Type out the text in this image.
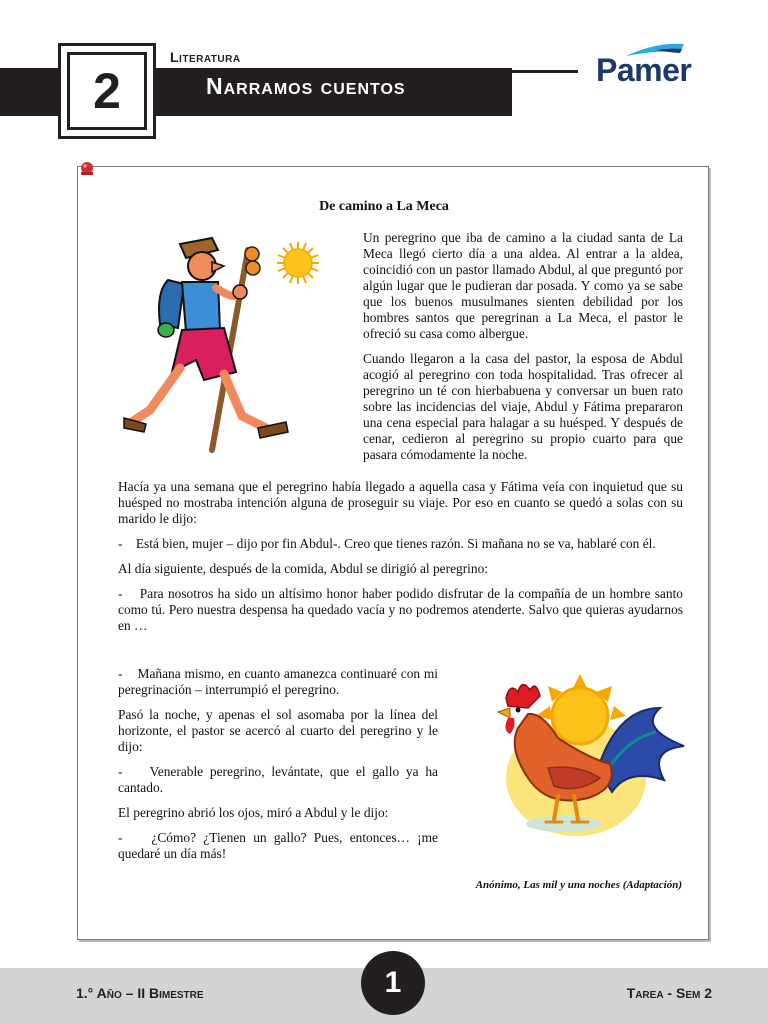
2
Literatura
Narramos cuentos	Pamer
De camino a La Meca

Un peregrino que iba de camino a la ciudad santa de La Meca llegó cierto día a una aldea. Al entrar a la aldea, coincidió con un pastor llamado Abdul, al que preguntó por algún lugar que le pudieran dar posada. Y como ya se sabe que los buenos musulmanes sienten debilidad por los hombres santos que peregrinan a La Meca, el pastor le ofreció su casa como albergue.

Cuando llegaron a la casa del pastor, la esposa de Abdul acogió al peregrino con toda hospitalidad. Tras ofrecer al peregrino un té con hierbabuena y conversar un buen rato sobre las incidencias del viaje, Abdul y Fátima prepararon una cena especial para halagar a su huésped. Y después de cenar, cedieron al peregrino su propio cuarto para que pasara cómodamente la noche.

Hacía ya una semana que el peregrino había llegado a aquella casa y Fátima veía con inquietud que su huésped no mostraba intención alguna de proseguir su viaje. Por eso en cuanto se quedó a solas con su marido le dijo:

-    Está bien, mujer – dijo por fin Abdul-. Creo que tienes razón. Si mañana no se va, hablaré con él.

Al día siguiente, después de la comida, Abdul se dirigió al peregrino:

-    Para nosotros ha sido un altísimo honor haber podido disfrutar de la compañía de un hombre santo como tú. Pero nuestra despensa ha quedado vacía y no podremos atenderte. Salvo que quieras ayudarnos en …

-    Mañana mismo, en cuanto amanezca continuaré con mi peregrinación – interrumpió el peregrino.

Pasó la noche, y apenas el sol asomaba por la línea del horizonte, el pastor se acercó al cuarto del peregrino y le dijo:

-    Venerable peregrino, levántate, que el gallo ya ha cantado.

El peregrino abrió los ojos, miró a Abdul y le dijo:

-    ¿Cómo? ¿Tienen un gallo? Pues, entonces… ¡me quedaré un día más!

Anónimo, Las mil y una noches (Adaptación)
1.° Año – II Bimestre	1	Tarea - Sem 2
